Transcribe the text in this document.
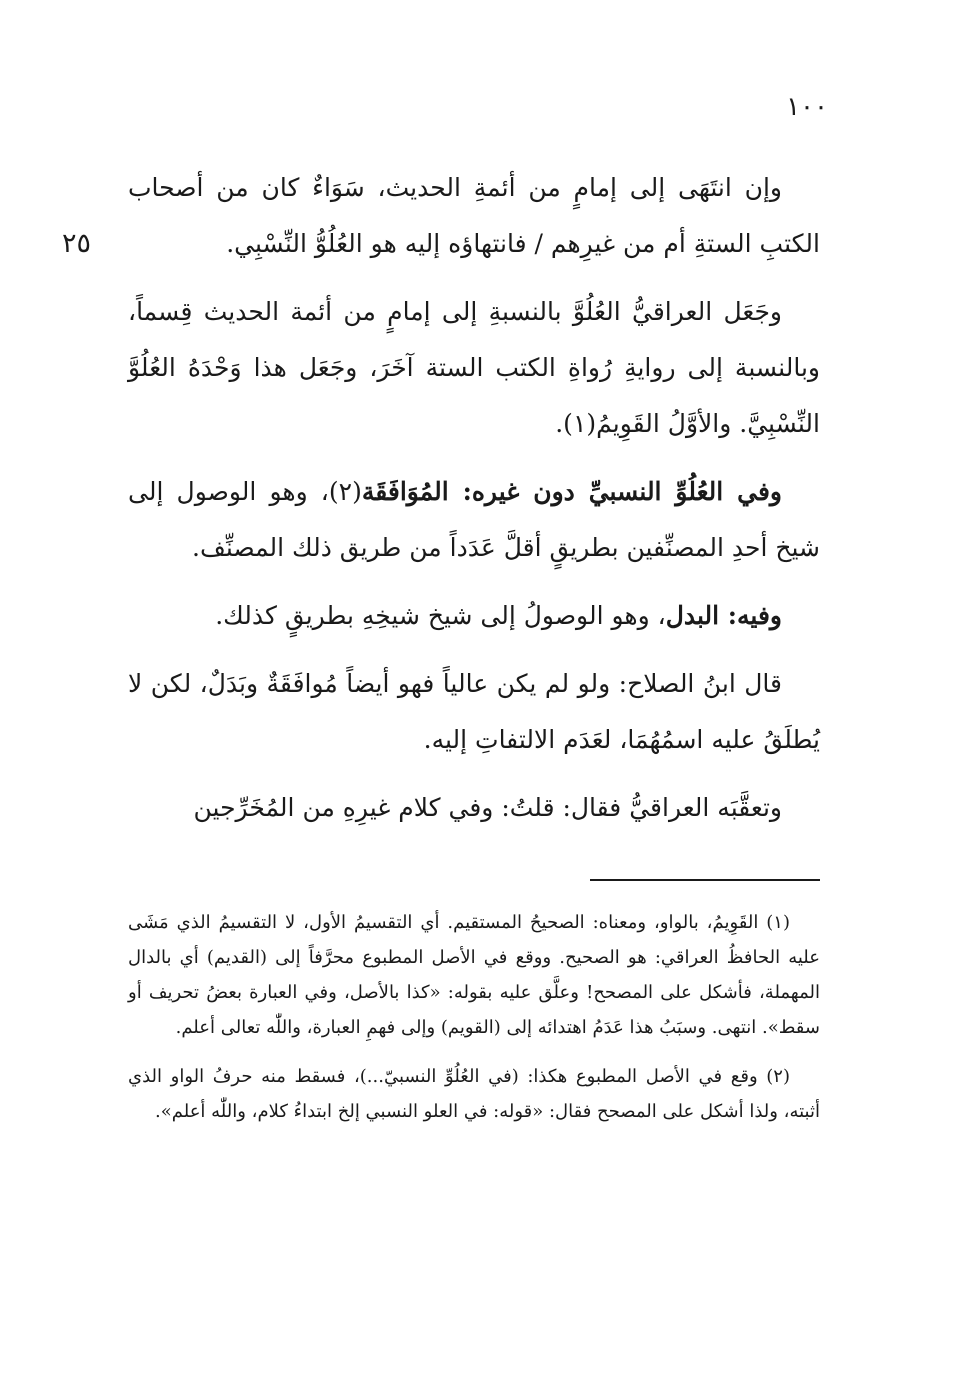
١٠٠
٢٥

وإن انتَهَى إلى إمامٍ من أئمةِ الحديث، سَوَاءٌ كان من أصحاب الكتبِ الستةِ أم من غيرِهم / فانتهاؤه إليه هو العُلُوُّ النِّسْبِي.

وجَعَل العراقيُّ العُلُوَّ بالنسبةِ إلى إمامٍ من أئمة الحديث قِسماً، وبالنسبة إلى روايةِ رُواةِ الكتب الستة آخَرَ، وجَعَل هذا وَحْدَهُ العُلُوَّ النِّسْبِيَّ. والأوَّلُ القَوِيمُ(١).

وفي العُلُوِّ النسبيِّ دون غيره: المُوَافَقَة(٢)، وهو الوصول إلى شيخ أحدِ المصنِّفين بطريقٍ أقلَّ عَدَداً من طريق ذلك المصنِّف.

وفيه: البدل، وهو الوصولُ إلى شيخ شيخِهِ بطريقٍ كذلك.

قال ابنُ الصلاح: ولو لم يكن عالياً فهو أيضاً مُوافَقَةٌ وبَدَلٌ، لكن لا يُطلَقُ عليه اسمُهُمَا، لعَدَم الالتفاتِ إليه.

وتعقَّبَه العراقيُّ فقال: قلتُ: وفي كلام غيرِهِ من المُخَرِّجين

(١) القَوِيمُ، بالواو، ومعناه: الصحيحُ المستقيم. أي التقسيمُ الأول، لا التقسيمُ الذي مَشَى عليه الحافظُ العراقي: هو الصحيح. ووقع في الأصل المطبوع محرَّفاً إلى (القديم) أي بالدال المهملة، فأشكل على المصحح! وعلَّق عليه بقوله: «كذا بالأصل، وفي العبارة بعضُ تحريف أو سقط». انتهى. وسبَبُ هذا عَدَمُ اهتدائه إلى (القويم) وإلى فهمِ العبارة، واللّٰه تعالى أعلم.

(٢) وقع في الأصل المطبوع هكذا: (في العُلُوِّ النسبيّ...)، فسقط منه حرفُ الواو الذي أثبته، ولذا أشكل على المصحح فقال: «قوله: في العلو النسبي إلخ ابتداءُ كلام، واللّٰه أعلم».
